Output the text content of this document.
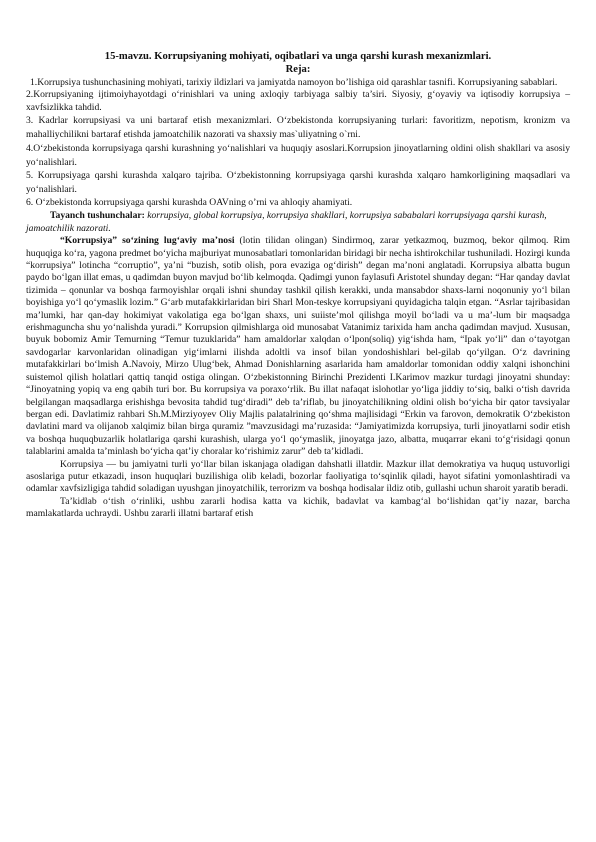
15-mavzu. Korrupsiyaning mohiyati, oqibatlari va unga qarshi kurash mexanizmlari.

Reja:

1.Korrupsiya tushunchasining mohiyati, tarixiy ildizlari va jamiyatda namoyon bo’lishiga oid qarashlar tasnifi. Korrupsiyaning sabablari.

2.Korrupsiyaning ijtimoiyhayotdagi o‘rinishlari va uning axloqiy tarbiyaga salbiy ta’siri. Siyosiy, g‘oyaviy va iqtisodiy korrupsiya – xavfsizlikka tahdid.

3. Kadrlar korrupsiyasi va uni bartaraf etish mexanizmlari. O‘zbekistonda korrupsiyaning turlari: favoritizm, nepotism, kronizm va mahalliychilikni bartaraf etishda jamoatchilik nazorati va shaxsiy mas`uliyatning o`rni.

4.O‘zbekistonda korrupsiyaga qarshi kurashning yo‘nalishlari va huquqiy asoslari.Korrupsion jinoyatlarning oldini olish shakllari va asosiy yo‘nalishlari.

5. Korrupsiyaga qarshi kurashda xalqaro tajriba. O‘zbekistonning korrupsiyaga qarshi kurashda xalqaro hamkorligining maqsadlari va yo‘nalishlari.

6. O‘zbekistonda korrupsiyaga qarshi kurashda OAVning o’rni va ahloqiy ahamiyati.

Tayanch tushunchalar: korrupsiya, global korrupsiya, korrupsiya shakllari, korrupsiya sababalari korrupsiyaga qarshi kurash, jamoatchilik nazorati.

“Korrupsiya” so‘zining lug‘aviy ma’nosi (lotin tilidan olingan) Sindirmoq, zarar yetkazmoq, buzmoq, bekor qilmoq. Rim huquqiga ko‘ra, yagona predmet bo‘yicha majburiyat munosabatlari tomonlaridan biridagi bir necha ishtirokchilar tushuniladi. Hozirgi kunda “korrupsiya” lotincha “corruptio”, ya’ni “buzish, sotib olish, pora evaziga og‘dirish” degan ma’noni anglatadi. Korrupsiya albatta bugun paydo bo‘lgan illat emas, u qadimdan buyon mavjud bo‘lib kelmoqda. Qadimgi yunon faylasufi Aristotel shunday degan: “Har qanday davlat tizimida – qonunlar va boshqa farmoyishlar orqali ishni shunday tashkil qilish kerakki, unda mansabdor shaxs-larni noqonuniy yo‘l bilan boyishiga yo‘l qo‘ymaslik lozim.” G‘arb mutafakkirlaridan biri Sharl Mon-teskye korrupsiyani quyidagicha talqin etgan. “Asrlar tajribasidan ma’lumki, har qan-day hokimiyat vakolatiga ega bo‘lgan shaxs, uni suiiste’mol qilishga moyil bo‘ladi va u ma’-lum bir maqsadga erishmaguncha shu yo‘nalishda yuradi.” Korrupsion qilmishlarga oid munosabat Vatanimiz tarixida ham ancha qadimdan mavjud. Xususan, buyuk bobomiz Amir Temurning “Temur tuzuklarida” ham amaldorlar xalqdan o‘lpon(soliq) yig‘ishda ham, “Ipak yo‘li” dan o‘tayotgan savdogarlar karvonlaridan olinadigan yig‘imlarni ilishda adoltli va insof bilan yondoshishlari bel-gilab qo‘yilgan. O‘z davrining mutafakkirlari bo‘lmish A.Navoiy, Mirzo Ulug‘bek, Ahmad Donishlarning asarlarida ham amaldorlar tomonidan oddiy xalqni ishonchini suistemol qilish holatlari qattiq tanqid ostiga olingan. O‘zbekistonning Birinchi Prezidenti I.Karimov mazkur turdagi jinoyatni shunday: “Jinoyatning yopiq va eng qabih turi bor. Bu korrupsiya va poraxo‘rlik. Bu illat nafaqat islohotlar yo‘liga jiddiy to‘siq, balki o‘tish davrida belgilangan maqsadlarga erishishga bevosita tahdid tug‘diradi” deb ta’riflab, bu jinoyatchilikning oldini olish bo‘yicha bir qator tavsiyalar bergan edi. Davlatimiz rahbari Sh.M.Mirziyoyev Oliy Majlis palatalrining qo‘shma majlisidagi “Erkin va farovon, demokratik O‘zbekiston davlatini mard va olijanob xalqimiz bilan birga quramiz ”mavzusidagi ma’ruzasida: “Jamiyatimizda korrupsiya, turli jinoyatlarni sodir etish va boshqa huquqbuzarlik holatlariga qarshi kurashish, ularga yo‘l qo‘ymaslik, jinoyatga jazo, albatta, muqarrar ekani to‘g‘risidagi qonun talablarini amalda ta’minlash bo‘yicha qat’iy choralar ko‘rishimiz zarur” deb ta’kidladi.

Korrupsiya — bu jamiyatni turli yo‘llar bilan iskanjaga oladigan dahshatli illatdir. Mazkur illat demokratiya va huquq ustuvorligi asoslariga putur etkazadi, inson huquqlari buzilishiga olib keladi, bozorlar faoliyatiga to‘sqinlik qiladi, hayot sifatini yomonlashtiradi va odamlar xavfsizligiga tahdid soladigan uyushgan jinoyatchilik, terrorizm va boshqa hodisalar ildiz otib, gullashi uchun sharoit yaratib beradi.

Ta’kidlab o‘tish o‘rinliki, ushbu zararli hodisa katta va kichik, badavlat va kambag‘al bo‘lishidan qat’iy nazar, barcha mamlakatlarda uchraydi. Ushbu zararli illatni bartaraf etish
